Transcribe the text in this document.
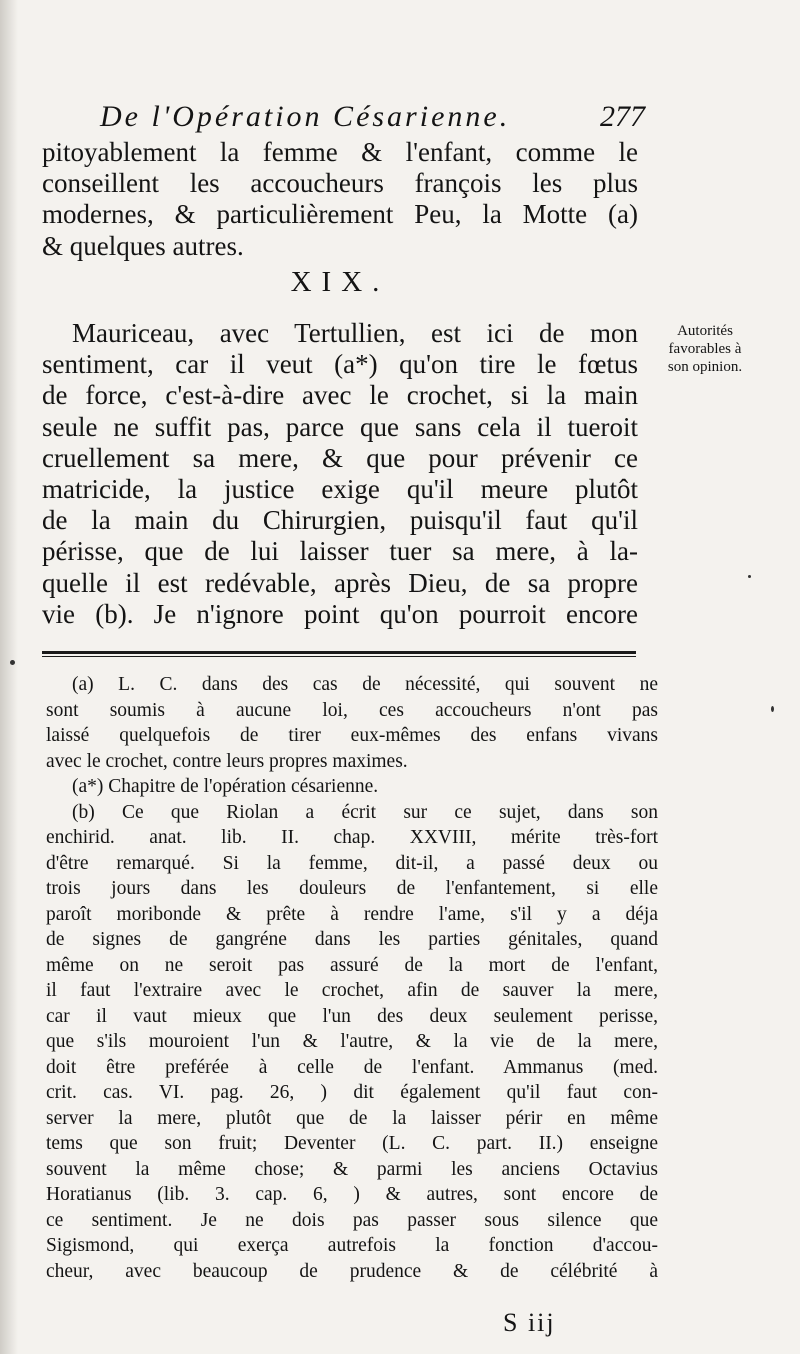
De l'Opération Césarienne.	277
pitoyablement la femme & l'enfant, comme le
conseillent les accoucheurs françois les plus
modernes, & particulièrement Peu, la Motte (a)
& quelques autres.
XIX.
Mauriceau, avec Tertullien, est ici de mon
sentiment, car il veut (a*) qu'on tire le fœtus
de force, c'est-à-dire avec le crochet, si la main
seule ne suffit pas, parce que sans cela il tueroit
cruellement sa mere, & que pour prévenir ce
matricide, la justice exige qu'il meure plutôt
de la main du Chirurgien, puisqu'il faut qu'il
périsse, que de lui laisser tuer sa mere, à la-
quelle il est redévable, après Dieu, de sa propre
vie (b). Je n'ignore point qu'on pourroit encore
Autorités
favorables à
son opinion.
(a) L. C. dans des cas de nécessité, qui souvent ne
sont soumis à aucune loi, ces accoucheurs n'ont pas
laissé quelquefois de tirer eux-mêmes des enfans vivans
avec le crochet, contre leurs propres maximes.
(a*) Chapitre de l'opération césarienne.
(b) Ce que Riolan a écrit sur ce sujet, dans son
enchirid. anat. lib. II. chap. XXVIII, mérite très-fort
d'être remarqué. Si la femme, dit-il, a passé deux ou
trois jours dans les douleurs de l'enfantement, si elle
paroît moribonde & prête à rendre l'ame, s'il y a déja
de signes de gangréne dans les parties génitales, quand
même on ne seroit pas assuré de la mort de l'enfant,
il faut l'extraire avec le crochet, afin de sauver la mere,
car il vaut mieux que l'un des deux seulement perisse,
que s'ils mouroient l'un & l'autre, & la vie de la mere,
doit être preférée à celle de l'enfant. Ammanus (med.
crit. cas. VI. pag. 26, ) dit également qu'il faut con-
server la mere, plutôt que de la laisser périr en même
tems que son fruit; Deventer (L. C. part. II.) enseigne
souvent la même chose; & parmi les anciens Octavius
Horatianus (lib. 3. cap. 6, ) & autres, sont encore de
ce sentiment. Je ne dois pas passer sous silence que
Sigismond, qui exerça autrefois la fonction d'accou-
cheur, avec beaucoup de prudence & de célébrité à
S iij
